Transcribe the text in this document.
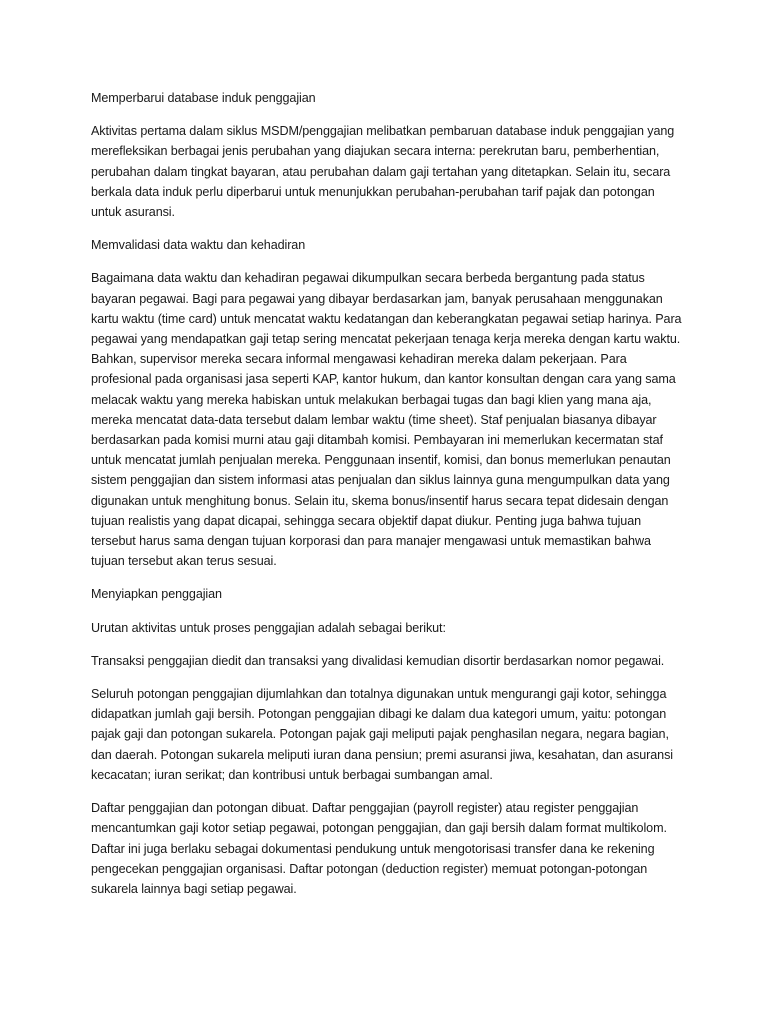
Memperbarui database induk penggajian
Aktivitas pertama dalam siklus MSDM/penggajian melibatkan pembaruan database induk penggajian yang merefleksikan berbagai jenis perubahan yang diajukan secara interna: perekrutan baru, pemberhentian, perubahan dalam tingkat bayaran, atau perubahan dalam gaji tertahan yang ditetapkan. Selain itu, secara berkala data induk perlu diperbarui untuk menunjukkan perubahan-perubahan tarif pajak dan potongan untuk asuransi.
Memvalidasi data waktu dan kehadiran
Bagaimana data waktu dan kehadiran pegawai dikumpulkan secara berbeda bergantung pada status bayaran pegawai. Bagi para pegawai yang dibayar berdasarkan jam, banyak perusahaan menggunakan kartu waktu (time card) untuk mencatat waktu kedatangan dan keberangkatan pegawai setiap harinya. Para pegawai yang mendapatkan gaji tetap sering mencatat pekerjaan tenaga kerja mereka dengan kartu waktu. Bahkan, supervisor mereka secara informal mengawasi kehadiran mereka dalam pekerjaan. Para profesional pada organisasi jasa seperti KAP, kantor hukum, dan kantor konsultan dengan cara yang sama melacak waktu yang mereka habiskan untuk melakukan berbagai tugas dan bagi klien yang mana aja, mereka mencatat data-data tersebut dalam lembar waktu (time sheet). Staf penjualan biasanya dibayar berdasarkan pada komisi murni atau gaji ditambah komisi. Pembayaran ini memerlukan kecermatan staf untuk mencatat jumlah penjualan mereka. Penggunaan insentif, komisi, dan bonus memerlukan penautan sistem penggajian dan sistem informasi atas penjualan dan siklus lainnya guna mengumpulkan data yang digunakan untuk menghitung bonus. Selain itu, skema bonus/insentif harus secara tepat didesain dengan tujuan realistis yang dapat dicapai, sehingga secara objektif dapat diukur. Penting juga bahwa tujuan tersebut harus sama dengan tujuan korporasi dan para manajer mengawasi untuk memastikan bahwa tujuan tersebut akan terus sesuai.
Menyiapkan penggajian
Urutan aktivitas untuk proses penggajian adalah sebagai berikut:
Transaksi penggajian diedit dan transaksi yang divalidasi kemudian disortir berdasarkan nomor pegawai.
Seluruh potongan penggajian dijumlahkan dan totalnya digunakan untuk mengurangi gaji kotor, sehingga didapatkan jumlah gaji bersih. Potongan penggajian dibagi ke dalam dua kategori umum, yaitu: potongan pajak gaji dan potongan sukarela. Potongan pajak gaji meliputi pajak penghasilan negara, negara bagian, dan daerah. Potongan sukarela meliputi iuran dana pensiun; premi asuransi jiwa, kesahatan, dan asuransi kecacatan; iuran serikat; dan kontribusi untuk berbagai sumbangan amal.
Daftar penggajian dan potongan dibuat. Daftar penggajian (payroll register) atau register penggajian mencantumkan gaji kotor setiap pegawai, potongan penggajian, dan gaji bersih dalam format multikolom. Daftar ini juga berlaku sebagai dokumentasi pendukung untuk mengotorisasi transfer dana ke rekening pengecekan penggajian organisasi. Daftar potongan (deduction register) memuat potongan-potongan sukarela lainnya bagi setiap pegawai.
